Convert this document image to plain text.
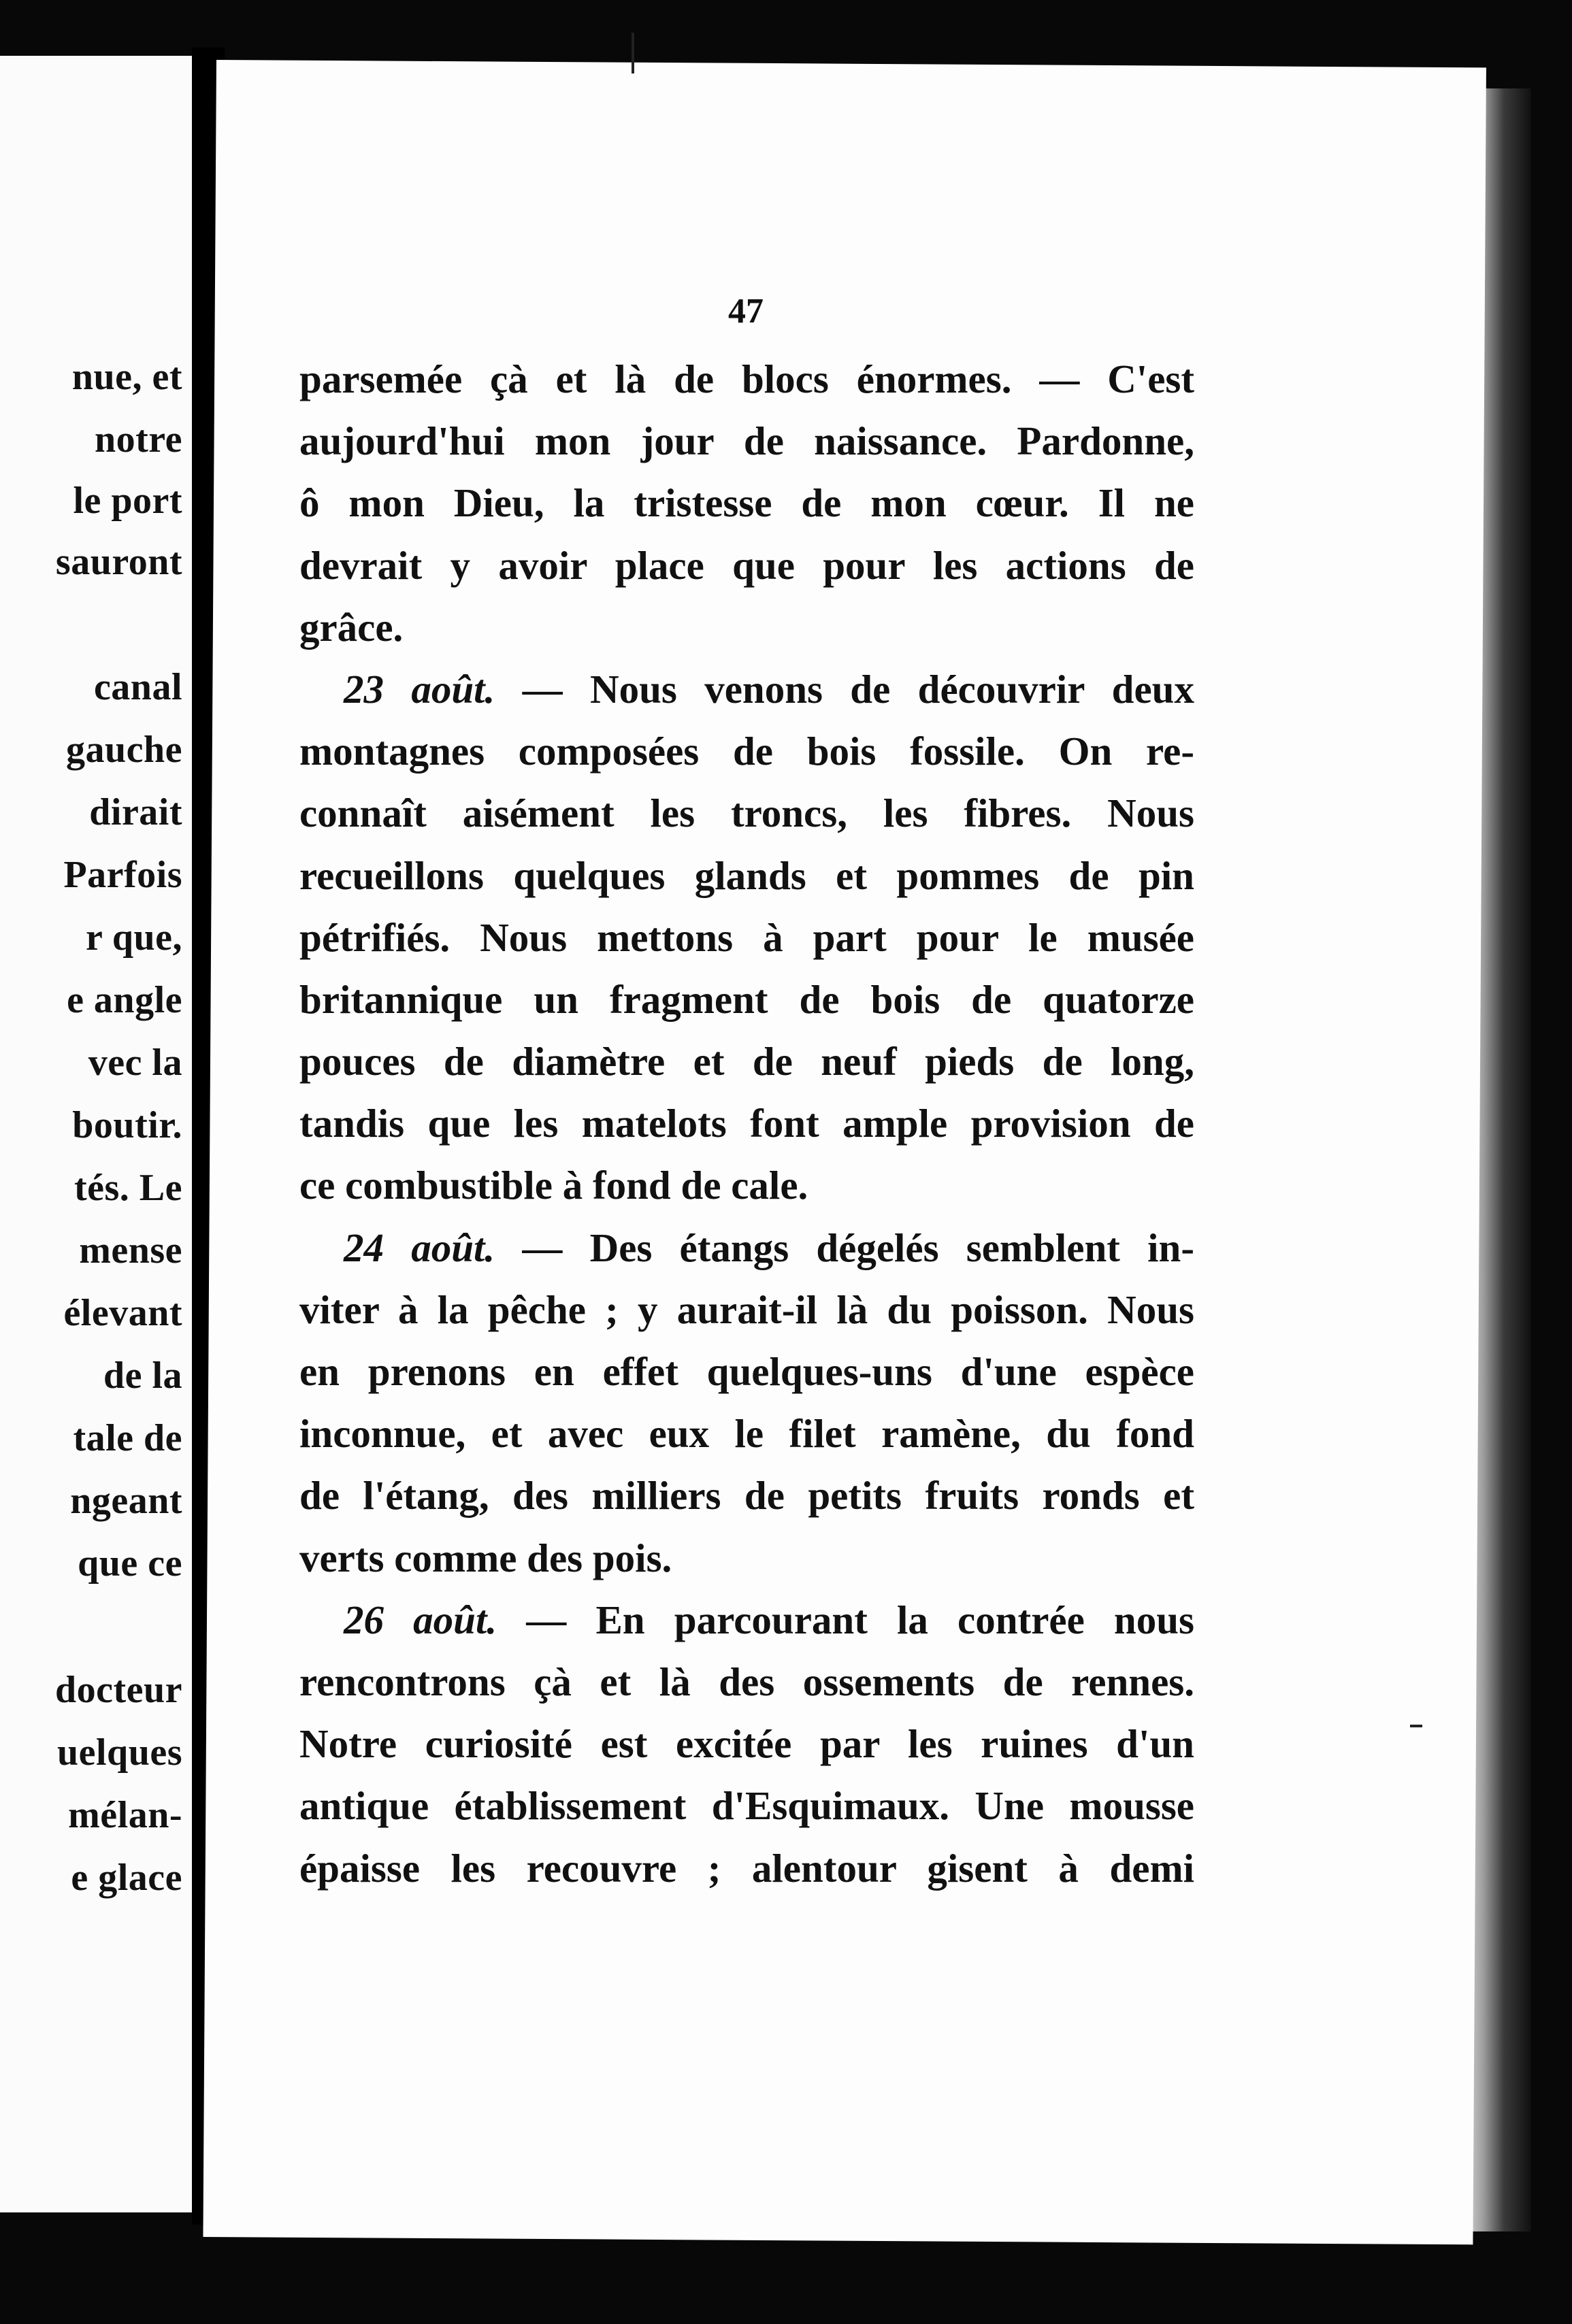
nue, et
notre
le port
sauront
canal
gauche
dirait
Parfois
r que,
e angle
vec la
boutir.
tés. Le
mense
élevant
de la
tale de
ngeant
que ce
docteur
uelques
mélan-
e glace
47
parsemée çà et là de blocs énormes. — C'est
aujourd'hui mon jour de naissance. Pardonne,
ô mon Dieu, la tristesse de mon cœur. Il ne
devrait y avoir place que pour les actions de
grâce.
23 août. — Nous venons de découvrir deux
montagnes composées de bois fossile. On re-
connaît aisément les troncs, les fibres. Nous
recueillons quelques glands et pommes de pin
pétrifiés. Nous mettons à part pour le musée
britannique un fragment de bois de quatorze
pouces de diamètre et de neuf pieds de long,
tandis que les matelots font ample provision de
ce combustible à fond de cale.
24 août. — Des étangs dégelés semblent in-
viter à la pêche ; y aurait-il là du poisson. Nous
en prenons en effet quelques-uns d'une espèce
inconnue, et avec eux le filet ramène, du fond
de l'étang, des milliers de petits fruits ronds et
verts comme des pois.
26 août. — En parcourant la contrée nous
rencontrons çà et là des ossements de rennes.
Notre curiosité est excitée par les ruines d'un
antique établissement d'Esquimaux. Une mousse
épaisse les recouvre ; alentour gisent à demi
